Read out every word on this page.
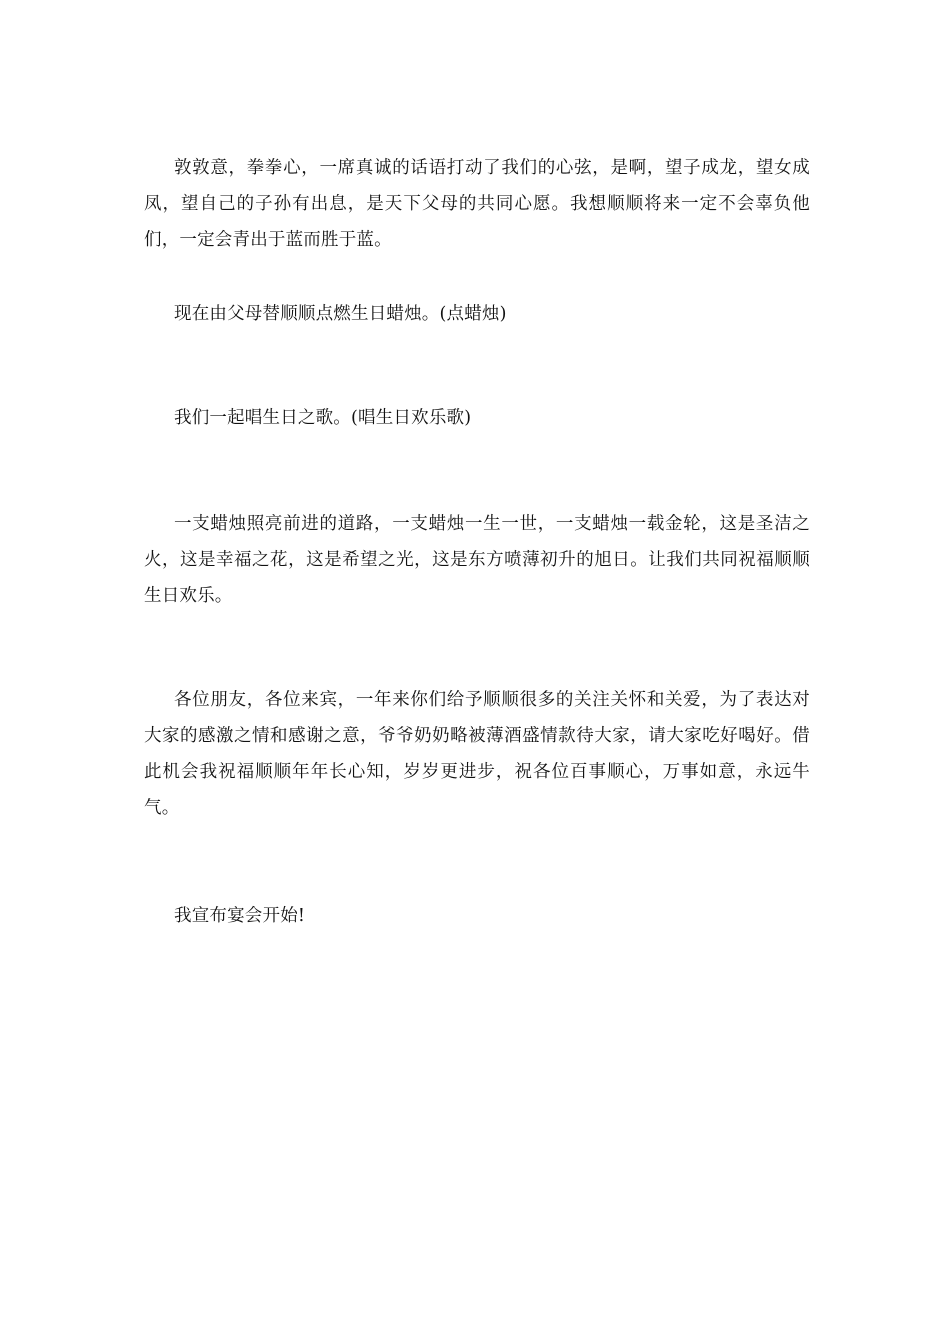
敦敦意，拳拳心，一席真诚的话语打动了我们的心弦，是啊，望子成龙，望女成凤，望自己的子孙有出息，是天下父母的共同心愿。我想顺顺将来一定不会辜负他们，一定会青出于蓝而胜于蓝。

现在由父母替顺顺点燃生日蜡烛。(点蜡烛)

我们一起唱生日之歌。(唱生日欢乐歌)

一支蜡烛照亮前进的道路，一支蜡烛一生一世，一支蜡烛一载金轮，这是圣洁之火，这是幸福之花，这是希望之光，这是东方喷薄初升的旭日。让我们共同祝福顺顺生日欢乐。

各位朋友，各位来宾，一年来你们给予顺顺很多的关注关怀和关爱，为了表达对大家的感激之情和感谢之意，爷爷奶奶略被薄酒盛情款待大家，请大家吃好喝好。借此机会我祝福顺顺年年长心知，岁岁更进步，祝各位百事顺心，万事如意，永远牛气。

我宣布宴会开始!
